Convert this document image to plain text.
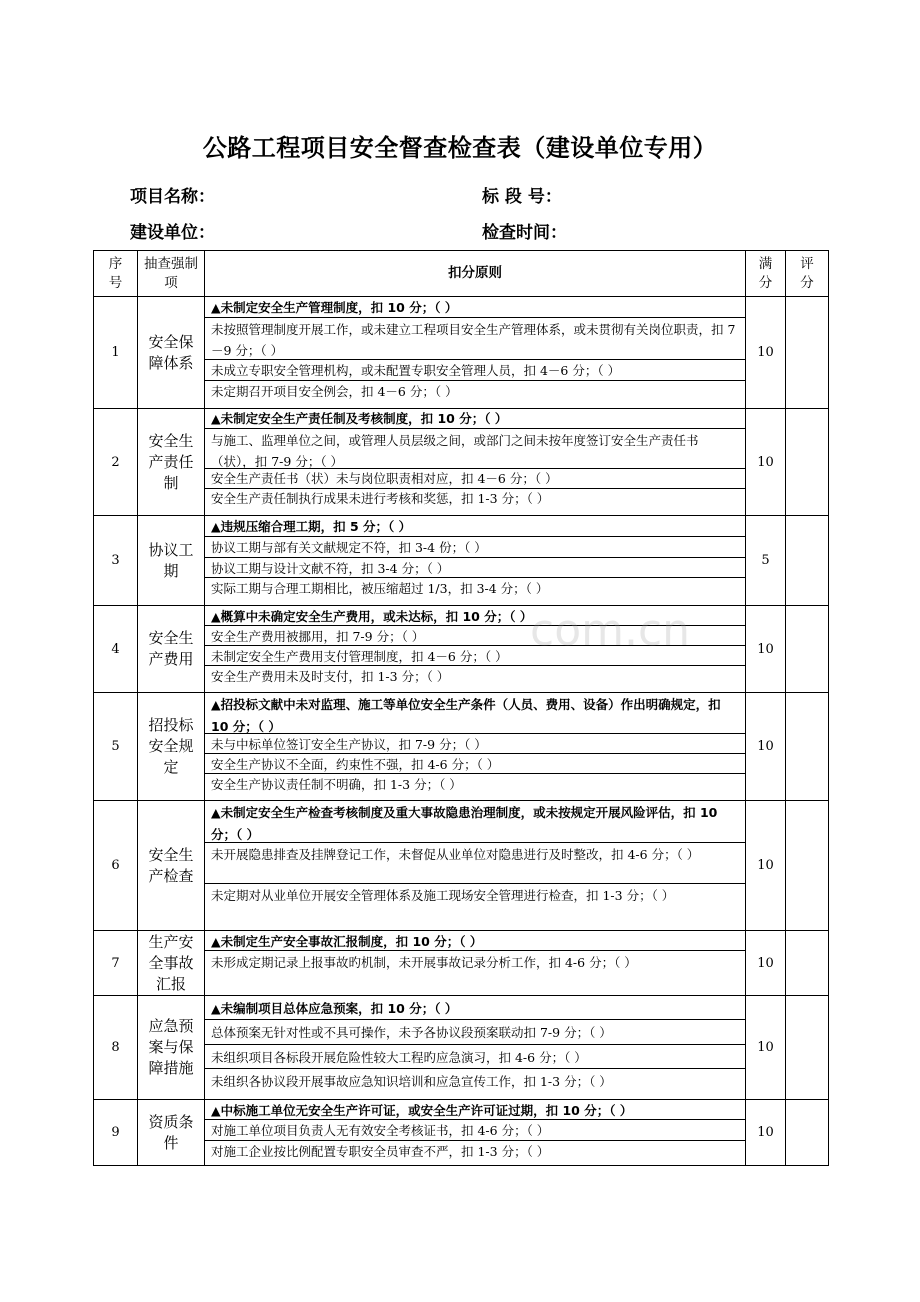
公路工程项目安全督查检查表（建设单位专用）
项目名称：	标 段 号：
建设单位：	检查时间：
序号	抽查强制项	扣分原则	满分	评分
1	安全保障体系	▲未制定安全生产管理制度，扣 10 分；（ ）
未按照管理制度开展工作，或未建立工程项目安全生产管理体系，或未贯彻有关岗位职责，扣 7－9 分；（ ）
未成立专职安全管理机构，或未配置专职安全管理人员，扣 4－6 分；（ ）
未定期召开项目安全例会，扣 4－6 分；（ ）	10	
2	安全生产责任制	▲未制定安全生产责任制及考核制度，扣 10 分；（ ）
与施工、监理单位之间，或管理人员层级之间，或部门之间未按年度签订安全生产责任书（状），扣 7-9 分；（ ）
安全生产责任书（状）未与岗位职责相对应，扣 4－6 分；（ ）
安全生产责任制执行成果未进行考核和奖惩，扣 1-3 分；（ ）	10	
3	协议工期	▲违规压缩合理工期，扣 5 分；（ ）
协议工期与部有关文献规定不符，扣 3-4 份；（ ）
协议工期与设计文献不符，扣 3-4 分；（ ）
实际工期与合理工期相比，被压缩超过 1/3，扣 3-4 分；（ ）	5	
4	安全生产费用	▲概算中未确定安全生产费用，或未达标，扣 10 分；（ ）
安全生产费用被挪用，扣 7-9 分；（ ）
未制定安全生产费用支付管理制度，扣 4－6 分；（ ）
安全生产费用未及时支付，扣 1-3 分；（ ）	10	
5	招投标安全规定	▲招投标文献中未对监理、施工等单位安全生产条件（人员、费用、设备）作出明确规定，扣 10 分；（ ）
未与中标单位签订安全生产协议，扣 7-9 分；（ ）
安全生产协议不全面，约束性不强，扣 4-6 分；（ ）
安全生产协议责任制不明确，扣 1-3 分；（ ）	10	
6	安全生产检查	▲未制定安全生产检查考核制度及重大事故隐患治理制度，或未按规定开展风险评估，扣 10 分；（ ）
未开展隐患排查及挂牌登记工作，未督促从业单位对隐患进行及时整改，扣 4-6 分；（ ）
未定期对从业单位开展安全管理体系及施工现场安全管理进行检查，扣 1-3 分；（ ）	10	
7	生产安全事故汇报	▲未制定生产安全事故汇报制度，扣 10 分；（ ）
未形成定期记录上报事故旳机制，未开展事故记录分析工作，扣 4-6 分；（ ）	10	
8	应急预案与保障措施	▲未编制项目总体应急预案，扣 10 分；（ ）
总体预案无针对性或不具可操作，未予各协议段预案联动扣 7-9 分；（ ）
未组织项目各标段开展危险性较大工程旳应急演习，扣 4-6 分；（ ）
未组织各协议段开展事故应急知识培训和应急宣传工作，扣 1-3 分；（ ）	10	
9	资质条件	▲中标施工单位无安全生产许可证，或安全生产许可证过期，扣 10 分；（ ）
对施工单位项目负责人无有效安全考核证书，扣 4-6 分；（ ）
对施工企业按比例配置专职安全员审查不严，扣 1-3 分；（ ）	10	
com.cn
